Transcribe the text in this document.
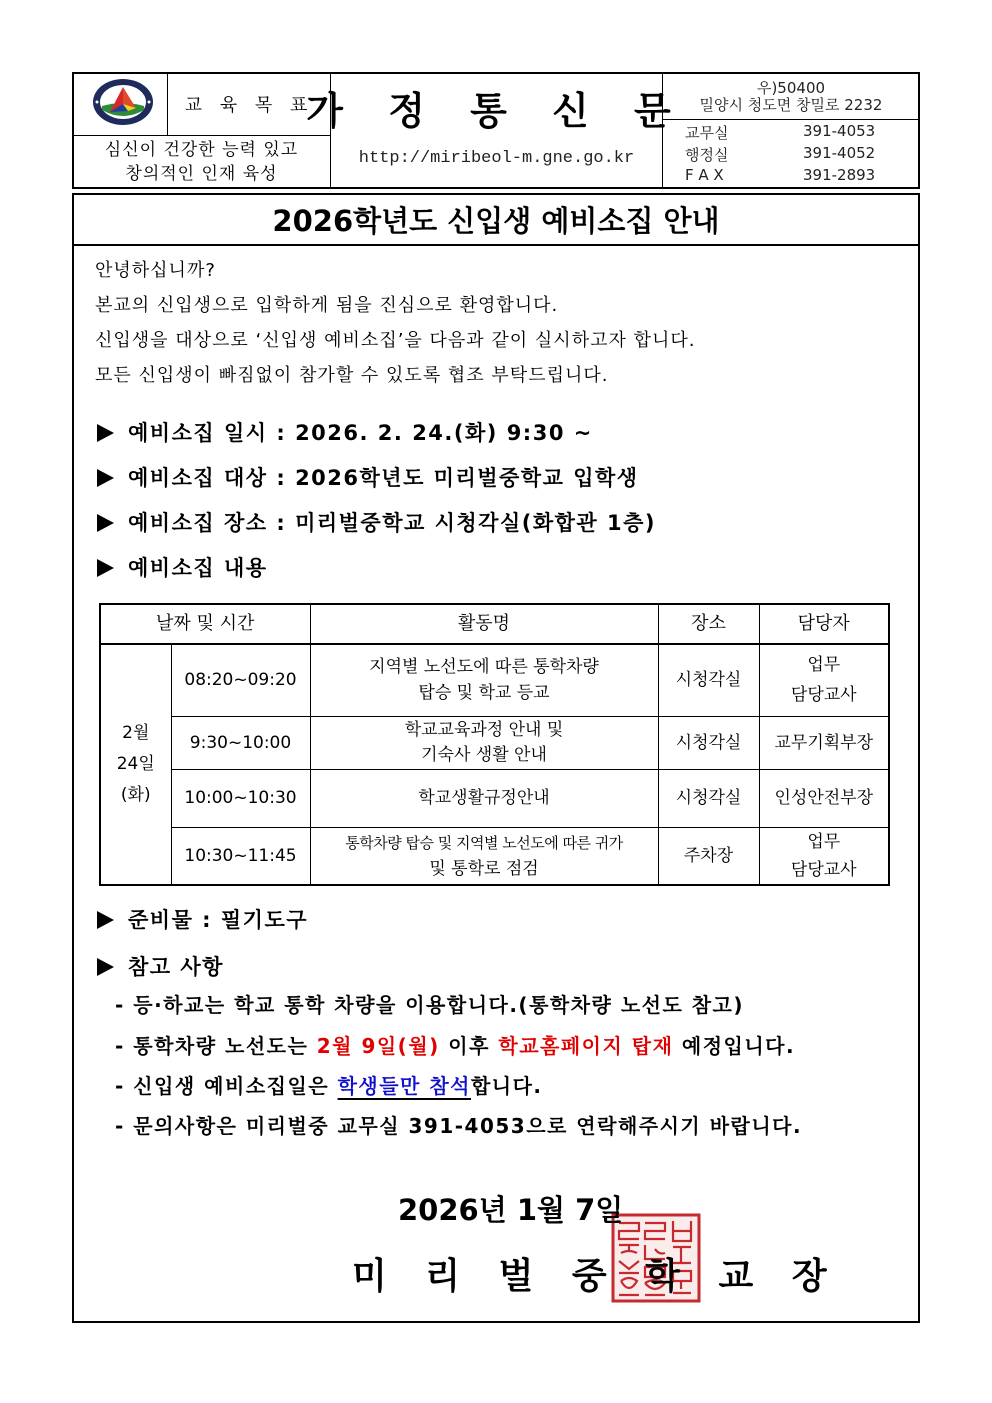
교 육 목 표
심신이 건강한 능력 있고
창의적인 인재 육성
가 정 통 신 문
http://miribeol-m.gne.go.kr
우)50400
밀양시 청도면 창밀로 2232
교무실	391-4053
행정실	391-4052
F A X	391-2893
2026학년도 신입생 예비소집 안내
안녕하십니까?
본교의 신입생으로 입학하게 됨을 진심으로 환영합니다.
신입생을 대상으로 ‘신입생 예비소집’을 다음과 같이 실시하고자 합니다.
모든 신입생이 빠짐없이 참가할 수 있도록 협조 부탁드립니다.
예비소집 일시 : 2026. 2. 24.(화) 9:30 ~
예비소집 대상 : 2026학년도 미리벌중학교 입학생
예비소집 장소 : 미리벌중학교 시청각실(화합관 1층)
예비소집 내용
날짜 및 시간		활동명	장소	담당자

2월
24일
(화)	08:20~09:20	지역별 노선도에 따른 통학차량
탑승 및 학교 등교	시청각실	업무
담당교사

	9:30~10:00	학교교육과정 안내 및
기숙사 생활 안내	시청각실	교무기획부장

	10:00~10:30	학교생활규정안내	시청각실	인성안전부장

	10:30~11:45	통학차량 탑승 및 지역별 노선도에 따른 귀가
및 통학로 점검	주차장	업무
담당교사
준비물 : 필기도구
참고 사항
- 등·하교는 학교 통학 차량을 이용합니다.(통학차량 노선도 참고)
- 통학차량 노선도는 2월 9일(월) 이후 학교홈페이지 탑재 예정입니다.
- 신입생 예비소집일은 학생들만 참석합니다.
- 문의사항은 미리벌중 교무실 391-4053으로 연락해주시기 바랍니다.
2026년 1월 7일
미 리 벌 중 학 교 장
